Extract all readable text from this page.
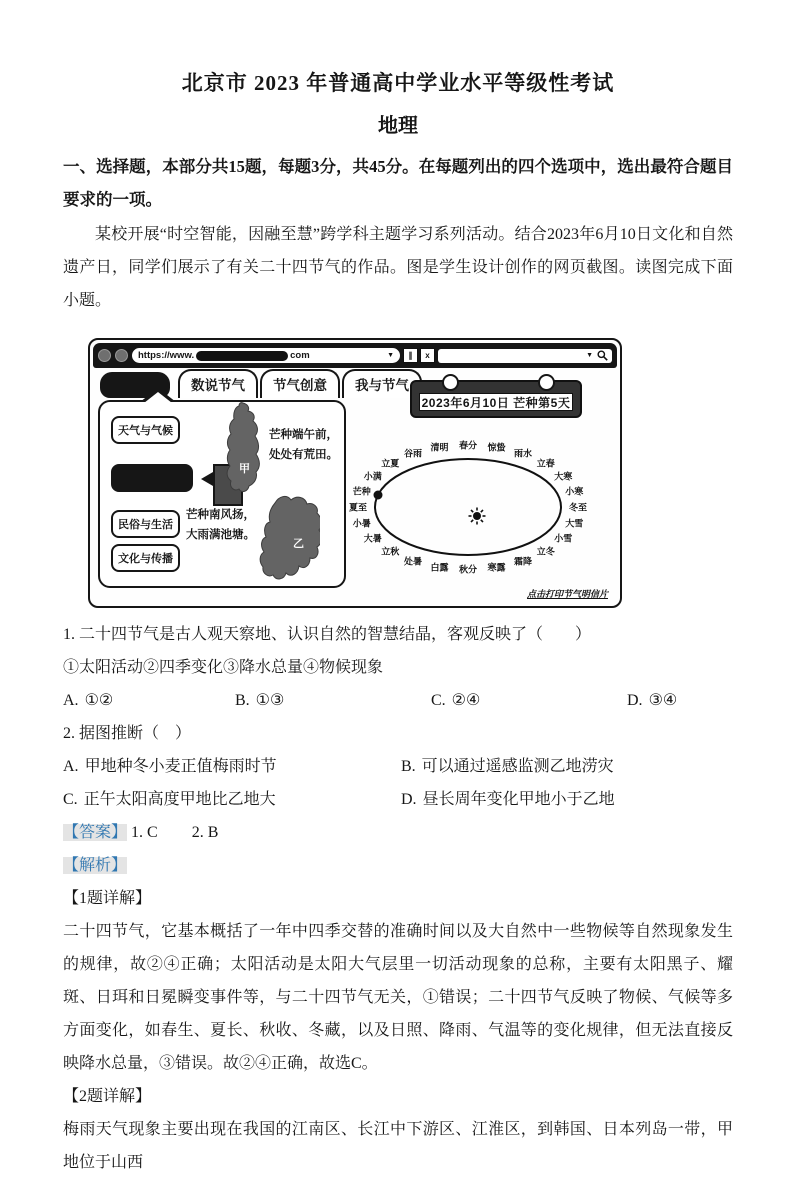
北京市 2023 年普通高中学业水平等级性考试
地理

一、选择题，本部分共15题，每题3分，共45分。在每题列出的四个选项中，选出最符合题目要求的一项。

某校开展“时空智能，因融至慧”跨学科主题学习系列活动。结合2023年6月10日文化和自然遗产日，同学们展示了有关二十四节气的作品。图是学生设计创作的网页截图。读图完成下面小题。

https://www.	com	▼	∥	x	▼
数说节气	节气创意	我与节气
天气与气候
民俗与生活
文化与传播
甲
芒种端午前，
处处有荒田。
乙
芒种南风扬，
大雨满池塘。
2023年6月10日 芒种第5天
春分 惊蛰
雨水
立春
大寒
小寒
冬至
大雪
小雪
立冬
霜降
寒露
秋分
白露
处暑
立秋
大暑
小暑
夏至
芒种
小满
立夏
谷雨
清明
点击打印节气明信片
1. 二十四节气是古人观天察地、认识自然的智慧结晶，客观反映了（　　）
①太阳活动②四季变化③降水总量④物候现象
A. ①②	B. ①③	C. ②④	D. ③④
2. 据图推断（　）
A. 甲地种冬小麦正值梅雨时节	B. 可以通过遥感监测乙地涝灾
C. 正午太阳高度甲地比乙地大	D. 昼长周年变化甲地小于乙地
【答案】 1. C 2. B
【解析】
【1题详解】

二十四节气，它基本概括了一年中四季交替的准确时间以及大自然中一些物候等自然现象发生的规律，故②④正确；太阳活动是太阳大气层里一切活动现象的总称，主要有太阳黑子、耀斑、日珥和日冕瞬变事件等，与二十四节气无关，①错误；二十四节气反映了物候、气候等多方面变化，如春生、夏长、秋收、冬藏，以及日照、降雨、气温等的变化规律，但无法直接反映降水总量，③错误。故②④正确，故选C。

【2题详解】

梅雨天气现象主要出现在我国的江南区、长江中下游区、江淮区，到韩国、日本列岛一带，甲地位于山西
